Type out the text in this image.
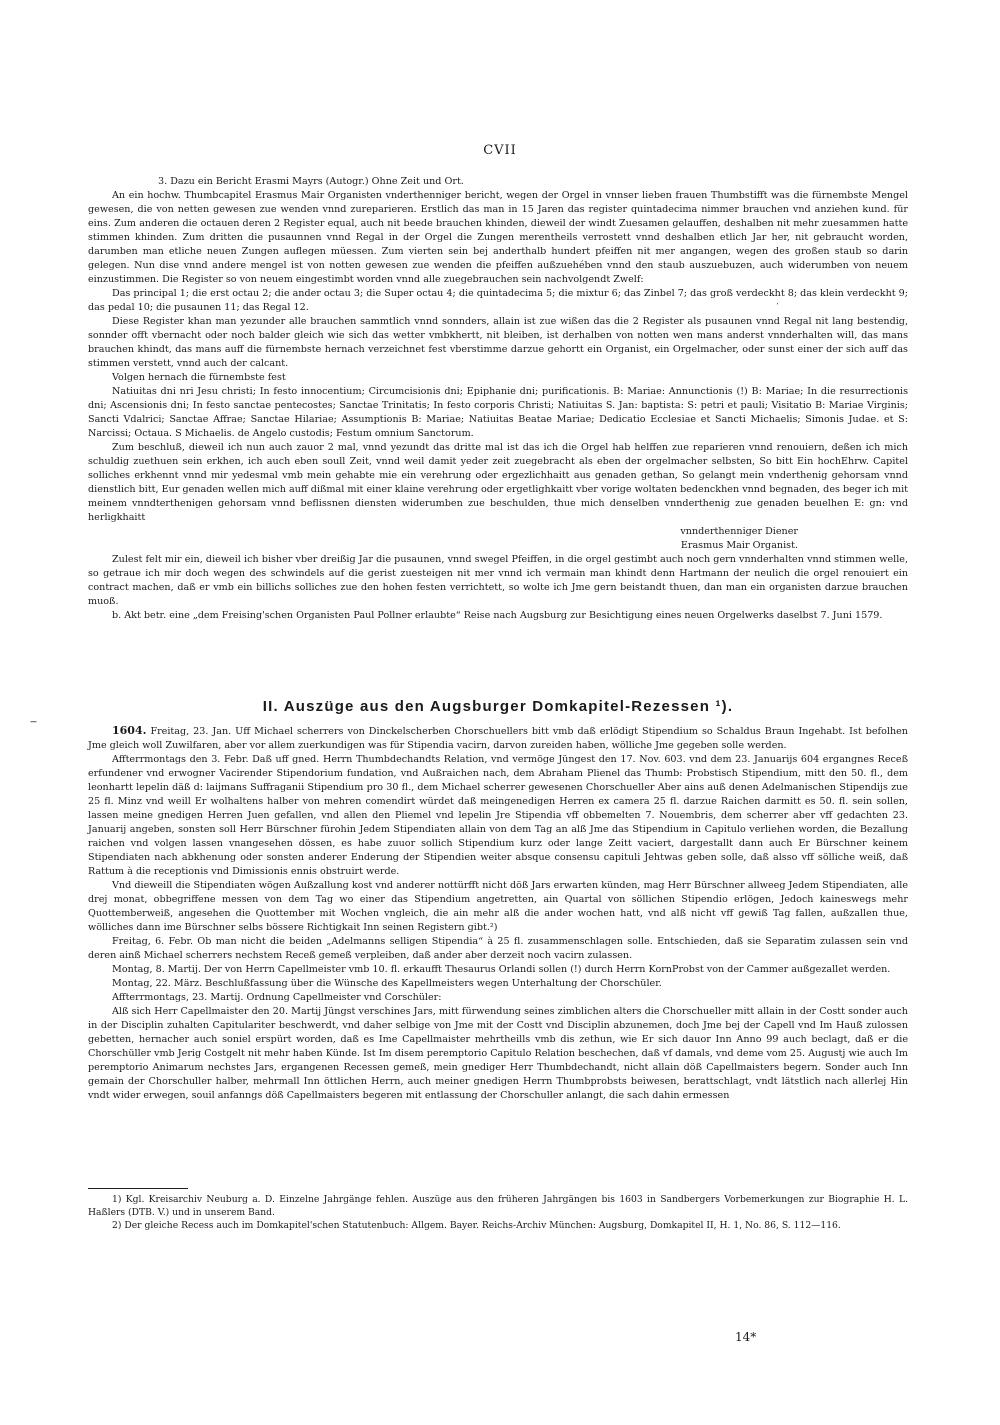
CVII
‧
‒

3. Dazu ein Bericht Erasmi Mayrs (Autogr.) Ohne Zeit und Ort.

An ein hochw. Thumbcapitel Erasmus Mair Organisten vnderthenniger bericht, wegen der Orgel in vnnser lieben frauen Thumbstifft was die fürnembste Mengel gewesen, die von netten gewesen zue wenden vnnd zureparieren. Erstlich das man in 15 Jaren das register quintadecima nimmer brauchen vnd anziehen kund. für eins. Zum anderen die octauen deren 2 Register equal, auch nit beede brauchen khinden, dieweil der windt Zuesamen gelauffen, deshalben nit mehr zuesammen hatte stimmen khinden. Zum dritten die pusaunnen vnnd Regal in der Orgel die Zungen merentheils verrostett vnnd deshalben etlich Jar her, nit gebraucht worden, darumben man etliche neuen Zungen auflegen müessen. Zum vierten sein bej anderthalb hundert pfeiffen nit mer angangen, wegen des großen staub so darin gelegen. Nun dise vnnd andere mengel ist von notten gewesen zue wenden die pfeiffen außzuehében vnnd den staub auszuebuzen, auch widerumben von neuem einzustimmen. Die Register so von neuem eingestimbt worden vnnd alle zuegebrauchen sein nachvolgendt Zwelf:

Das principal 1; die erst octau 2; die ander octau 3; die Super octau 4; die quintadecima 5; die mixtur 6; das Zinbel 7; das groß verdeckht 8; das klein verdeckht 9; das pedal 10; die pusaunen 11; das Regal 12.

Diese Register khan man yezunder alle brauchen sammtlich vnnd sonnders, allain ist zue wißen das die 2 Register als pusaunen vnnd Regal nit lang bestendig, sonnder offt vbernacht oder noch balder gleich wie sich das wetter vmbkhertt, nit bleiben, ist derhalben von notten wen mans anderst vnnderhalten will, das mans brauchen khindt, das mans auff die fürnembste hernach verzeichnet fest vberstimme darzue gehortt ein Organist, ein Orgelmacher, oder sunst einer der sich auff das stimmen verstett, vnnd auch der calcant.

Volgen hernach die fürnembste fest

Natiuitas dni nri Jesu christi; In festo innocentium; Circumcisionis dni; Epiphanie dni; purificationis. B: Mariae: Annunctionis (!) B: Mariae; In die resurrectionis dni; Ascensionis dni; In festo sanctae pentecostes; Sanctae Trinitatis; In festo corporis Christi; Natiuitas S. Jan: baptista: S: petri et pauli; Visitatio B: Mariae Virginis; Sancti Vdalrici; Sanctae Affrae; Sanctae Hilariae; Assumptionis B: Mariae; Natiuitas Beatae Mariae; Dedicatio Ecclesiae et Sancti Michaelis; Simonis Judae. et S: Narcissi; Octaua. S Michaelis. de Angelo custodis; Festum omnium Sanctorum.

Zum beschluß, dieweil ich nun auch zauor 2 mal, vnnd yezundt das dritte mal ist das ich die Orgel hab helffen zue reparieren vnnd renouiern, deßen ich mich schuldig zuethuen sein erkhen, ich auch eben soull Zeit, vnnd weil damit yeder zeit zuegebracht als eben der orgelmacher selbsten, So bitt Ein hochEhrw. Capitel solliches erkhennt vnnd mir yedesmal vmb mein gehabte mie ein verehrung oder ergezlichhaitt aus genaden gethan, So gelangt mein vnderthenig gehorsam vnnd dienstlich bitt, Eur genaden wellen mich auff dißmal mit einer klaine verehrung oder ergetlighkaitt vber vorige woltaten bedenckhen vnnd begnaden, des beger ich mit meinem vnndterthenigen gehorsam vnnd beflissnen diensten widerumben zue beschulden, thue mich denselben vnnderthenig zue genaden beuelhen E: gn: vnd herligkhaitt

vnnderthenniger Diener

Erasmus Mair Organist.

Zulest felt mir ein, dieweil ich bisher vber dreißig Jar die pusaunen, vnnd swegel Pfeiffen, in die orgel gestimbt auch noch gern vnnderhalten vnnd stimmen welle, so getraue ich mir doch wegen des schwindels auf die gerist zuesteigen nit mer vnnd ich vermain man khindt denn Hartmann der neulich die orgel renouiert ein contract machen, daß er vmb ein billichs solliches zue den hohen festen verrichtett, so wolte ich Jme gern beistandt thuen, dan man ein organisten darzue brauchen muoß.

b. Akt betr. eine „dem Freising'schen Organisten Paul Pollner erlaubte“ Reise nach Augsburg zur Besichtigung eines neuen Orgelwerks daselbst 7. Juni 1579.

II. Auszüge aus den Augsburger Domkapitel-Rezessen ¹).

1604. Freitag, 23. Jan. Uff Michael scherrers von Dinckelscherben Chorschuellers bitt vmb daß erlödigt Stipendium so Schaldus Braun Ingehabt. Ist befolhen Jme gleich woll Zuwilfaren, aber vor allem zuerkundigen was für Stipendia vacirn, darvon zureiden haben, wölliche Jme gegeben solle werden.

Affterrmontags den 3. Febr. Daß uff gned. Herrn Thumbdechandts Relation, vnd vermöge Jüngest den 17. Nov. 603. vnd dem 23. Januarijs 604 ergangnes Receß erfundener vnd erwogner Vacirender Stipendorium fundation, vnd Außraichen nach, dem Abraham Plienel das Thumb: Probstisch Stipendium, mitt den 50. fl., dem leonhartt lepelin däß d: laijmans Suffraganii Stipendium pro 30 fl., dem Michael scherrer gewesenen Chorschueller Aber ains auß denen Adelmanischen Stipendijs zue 25 fl. Minz vnd weill Er wolhaltens halber von mehren comendirt würdet daß meingenedigen Herren ex camera 25 fl. darzue Raichen darmitt es 50. fl. sein sollen, lassen meine gnedigen Herren Juen gefallen, vnd allen den Pliemel vnd lepelin Jre Stipendia vff obbemelten 7. Nouembris, dem scherrer aber vff gedachten 23. Januarij angeben, sonsten soll Herr Bürschner fürohin Jedem Stipendiaten allain von dem Tag an alß Jme das Stipendium in Capitulo verliehen worden, die Bezallung raichen vnd volgen lassen vnangesehen dössen, es habe zuuor sollich Stipendium kurz oder lange Zeitt vaciert, dargestallt dann auch Er Bürschner keinem Stipendiaten nach abkhenung oder sonsten anderer Enderung der Stipendien weiter absque consensu capituli Jehtwas geben solle, daß alsso vff sölliche weiß, daß Rattum à die receptionis vnd Dimissionis ennis obstruirt werde.

Vnd dieweill die Stipendiaten wögen Außzallung kost vnd anderer nottürfft nicht döß Jars erwarten künden, mag Herr Bürschner allweeg Jedem Stipendiaten, alle drej monat, obbegriffene messen von dem Tag wo einer das Stipendium angetretten, ain Quartal von söllichen Stipendio erlögen, Jedoch kaineswegs mehr Quottemberweiß, angesehen die Quottember mit Wochen vngleich, die ain mehr alß die ander wochen hatt, vnd alß nicht vff gewiß Tag fallen, außzallen thue, wölliches dann ime Bürschner selbs bössere Richtigkait Inn seinen Registern gibt.²)

Freitag, 6. Febr. Ob man nicht die beiden „Adelmanns selligen Stipendia“ à 25 fl. zusammenschlagen solle. Entschieden, daß sie Separatim zulassen sein vnd deren ainß Michael scherrers nechstem Receß gemeß verpleiben, daß ander aber derzeit noch vacirn zulassen.

Montag, 8. Martij. Der von Herrn Capellmeister vmb 10. fl. erkaufft Thesaurus Orlandi sollen (!) durch Herrn KornProbst von der Cammer außgezallet werden.

Montag, 22. März. Beschlußfassung über die Wünsche des Kapellmeisters wegen Unterhaltung der Chorschüler.

Affterrmontags, 23. Martij. Ordnung Capellmeister vnd Corschüler:

Alß sich Herr Capellmaister den 20. Martij Jüngst verschines Jars, mitt fürwendung seines zimblichen alters die Chorschueller mitt allain in der Costt sonder auch in der Disciplin zuhalten Capitulariter beschwerdt, vnd daher selbige von Jme mit der Costt vnd Disciplin abzunemen, doch Jme bej der Capell vnd Im Hauß zulossen gebetten, hernacher auch soniel erspürt worden, daß es Ime Capellmaister mehrtheills vmb dis zethun, wie Er sich dauor Inn Anno 99 auch beclagt, daß er die Chorschüller vmb Jerig Costgelt nit mehr haben Künde. Ist Im disem peremptorio Capitulo Relation beschechen, daß vf damals, vnd deme vom 25. Augustj wie auch Im peremptorio Animarum nechstes Jars, ergangenen Recessen gemeß, mein gnediger Herr Thumbdechandt, nicht allain döß Capellmaisters begern. Sonder auch Inn gemain der Chorschuller halber, mehrmall Inn öttlichen Herrn, auch meiner gnedigen Herrn Thumbprobsts beiwesen, berattschlagt, vndt lätstlich nach allerlej Hin vndt wider erwegen, souil anfanngs döß Capellmaisters begeren mit entlassung der Chorschuller anlangt, die sach dahin ermessen

1) Kgl. Kreisarchiv Neuburg a. D. Einzelne Jahrgänge fehlen. Auszüge aus den früheren Jahrgängen bis 1603 in Sandbergers Vorbemerkungen zur Biographie H. L. Haßlers (DTB. V.) und in unserem Band.

2) Der gleiche Recess auch im Domkapitel'schen Statutenbuch: Allgem. Bayer. Reichs-Archiv München: Augsburg, Domkapitel II, H. 1, No. 86, S. 112—116.

14*
